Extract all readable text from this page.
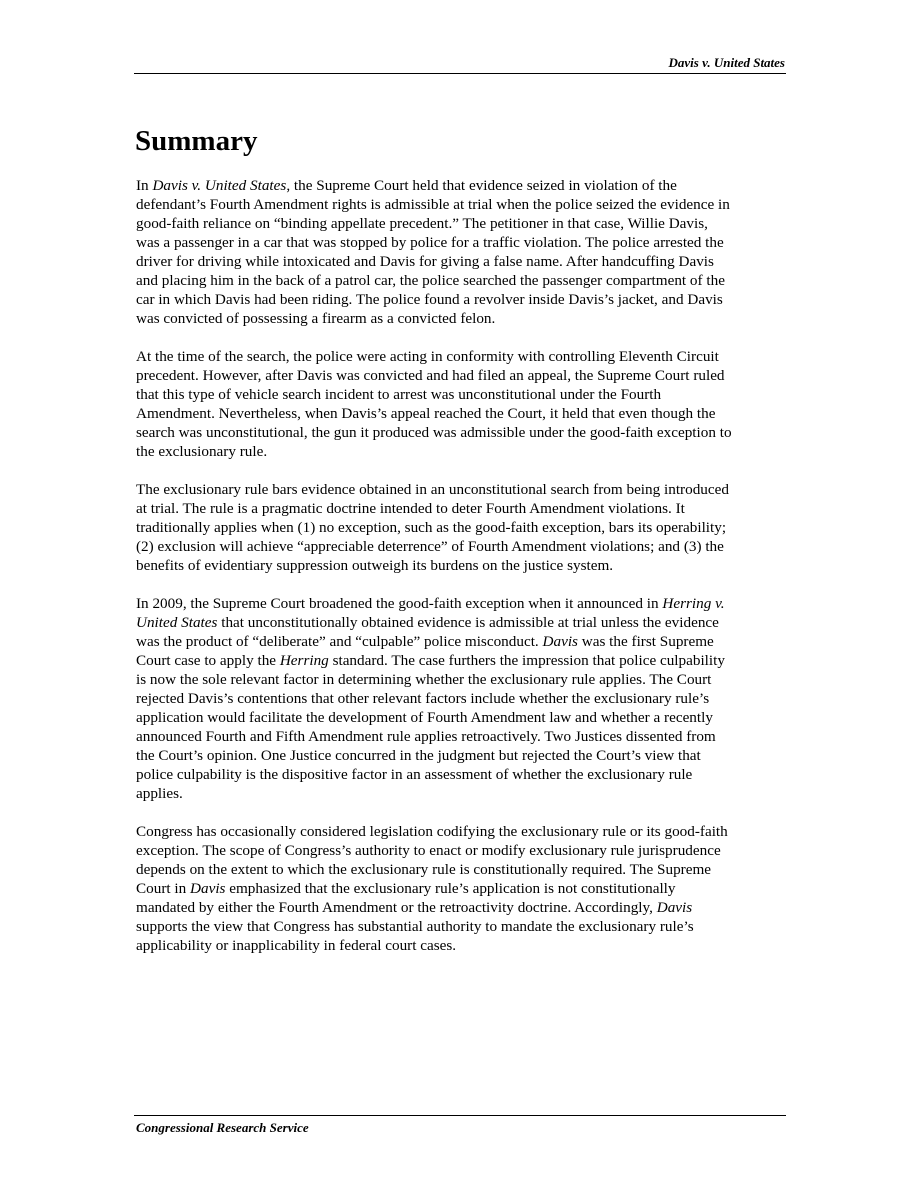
Davis v. United States
Summary

In Davis v. United States, the Supreme Court held that evidence seized in violation of the
defendant’s Fourth Amendment rights is admissible at trial when the police seized the evidence in
good-faith reliance on “binding appellate precedent.” The petitioner in that case, Willie Davis,
was a passenger in a car that was stopped by police for a traffic violation. The police arrested the
driver for driving while intoxicated and Davis for giving a false name. After handcuffing Davis
and placing him in the back of a patrol car, the police searched the passenger compartment of the
car in which Davis had been riding. The police found a revolver inside Davis’s jacket, and Davis
was convicted of possessing a firearm as a convicted felon.

At the time of the search, the police were acting in conformity with controlling Eleventh Circuit
precedent. However, after Davis was convicted and had filed an appeal, the Supreme Court ruled
that this type of vehicle search incident to arrest was unconstitutional under the Fourth
Amendment. Nevertheless, when Davis’s appeal reached the Court, it held that even though the
search was unconstitutional, the gun it produced was admissible under the good-faith exception to
the exclusionary rule.

The exclusionary rule bars evidence obtained in an unconstitutional search from being introduced
at trial. The rule is a pragmatic doctrine intended to deter Fourth Amendment violations. It
traditionally applies when (1) no exception, such as the good-faith exception, bars its operability;
(2) exclusion will achieve “appreciable deterrence” of Fourth Amendment violations; and (3) the
benefits of evidentiary suppression outweigh its burdens on the justice system.

In 2009, the Supreme Court broadened the good-faith exception when it announced in Herring v.
United States that unconstitutionally obtained evidence is admissible at trial unless the evidence
was the product of “deliberate” and “culpable” police misconduct. Davis was the first Supreme
Court case to apply the Herring standard. The case furthers the impression that police culpability
is now the sole relevant factor in determining whether the exclusionary rule applies. The Court
rejected Davis’s contentions that other relevant factors include whether the exclusionary rule’s
application would facilitate the development of Fourth Amendment law and whether a recently
announced Fourth and Fifth Amendment rule applies retroactively. Two Justices dissented from
the Court’s opinion. One Justice concurred in the judgment but rejected the Court’s view that
police culpability is the dispositive factor in an assessment of whether the exclusionary rule
applies.

Congress has occasionally considered legislation codifying the exclusionary rule or its good-faith
exception. The scope of Congress’s authority to enact or modify exclusionary rule jurisprudence
depends on the extent to which the exclusionary rule is constitutionally required. The Supreme
Court in Davis emphasized that the exclusionary rule’s application is not constitutionally
mandated by either the Fourth Amendment or the retroactivity doctrine. Accordingly, Davis
supports the view that Congress has substantial authority to mandate the exclusionary rule’s
applicability or inapplicability in federal court cases.

Congressional Research Service
